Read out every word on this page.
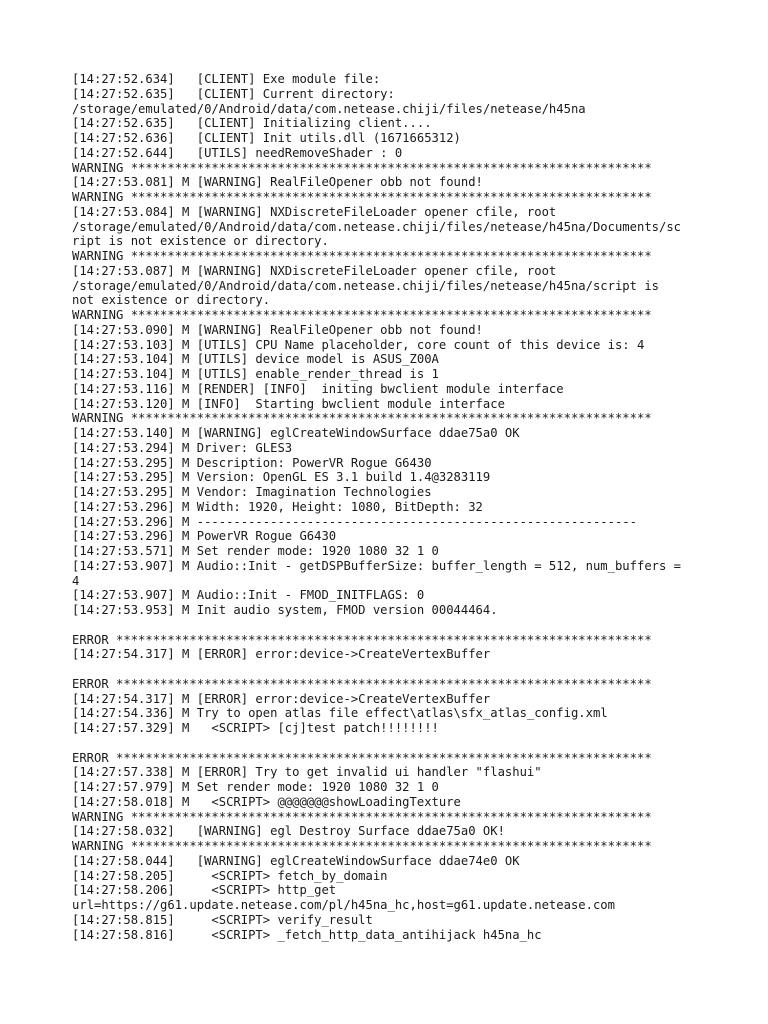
[14:27:52.634]   [CLIENT] Exe module file:
[14:27:52.635]   [CLIENT] Current directory:
/storage/emulated/0/Android/data/com.netease.chiji/files/netease/h45na
[14:27:52.635]   [CLIENT] Initializing client....
[14:27:52.636]   [CLIENT] Init utils.dll (1671665312)
[14:27:52.644]   [UTILS] needRemoveShader : 0
WARNING ***********************************************************************
[14:27:53.081] M [WARNING] RealFileOpener obb not found!
WARNING ***********************************************************************
[14:27:53.084] M [WARNING] NXDiscreteFileLoader opener cfile, root
/storage/emulated/0/Android/data/com.netease.chiji/files/netease/h45na/Documents/sc
ript is not existence or directory.
WARNING ***********************************************************************
[14:27:53.087] M [WARNING] NXDiscreteFileLoader opener cfile, root
/storage/emulated/0/Android/data/com.netease.chiji/files/netease/h45na/script is
not existence or directory.
WARNING ***********************************************************************
[14:27:53.090] M [WARNING] RealFileOpener obb not found!
[14:27:53.103] M [UTILS] CPU Name placeholder, core count of this device is: 4
[14:27:53.104] M [UTILS] device model is ASUS_Z00A
[14:27:53.104] M [UTILS] enable_render_thread is 1
[14:27:53.116] M [RENDER] [INFO]  initing bwclient module interface
[14:27:53.120] M [INFO]  Starting bwclient module interface
WARNING ***********************************************************************
[14:27:53.140] M [WARNING] eglCreateWindowSurface ddae75a0 OK
[14:27:53.294] M Driver: GLES3
[14:27:53.295] M Description: PowerVR Rogue G6430
[14:27:53.295] M Version: OpenGL ES 3.1 build 1.4@3283119
[14:27:53.295] M Vendor: Imagination Technologies
[14:27:53.296] M Width: 1920, Height: 1080, BitDepth: 32
[14:27:53.296] M ------------------------------------------------------------
[14:27:53.296] M PowerVR Rogue G6430
[14:27:53.571] M Set render mode: 1920 1080 32 1 0
[14:27:53.907] M Audio::Init - getDSPBufferSize: buffer_length = 512, num_buffers =
4
[14:27:53.907] M Audio::Init - FMOD_INITFLAGS: 0
[14:27:53.953] M Init audio system, FMOD version 00044464.
ERROR *************************************************************************
[14:27:54.317] M [ERROR] error:device->CreateVertexBuffer
ERROR *************************************************************************
[14:27:54.317] M [ERROR] error:device->CreateVertexBuffer
[14:27:54.336] M Try to open atlas file effect\atlas\sfx_atlas_config.xml
[14:27:57.329] M   <SCRIPT> [cj]test patch!!!!!!!!
ERROR *************************************************************************
[14:27:57.338] M [ERROR] Try to get invalid ui handler "flashui"
[14:27:57.979] M Set render mode: 1920 1080 32 1 0
[14:27:58.018] M   <SCRIPT> @@@@@@@showLoadingTexture
WARNING ***********************************************************************
[14:27:58.032]   [WARNING] egl Destroy Surface ddae75a0 OK!
WARNING ***********************************************************************
[14:27:58.044]   [WARNING] eglCreateWindowSurface ddae74e0 OK
[14:27:58.205]     <SCRIPT> fetch_by_domain
[14:27:58.206]     <SCRIPT> http_get
url=https://g61.update.netease.com/pl/h45na_hc,host=g61.update.netease.com
[14:27:58.815]     <SCRIPT> verify_result
[14:27:58.816]     <SCRIPT> _fetch_http_data_antihijack h45na_hc
